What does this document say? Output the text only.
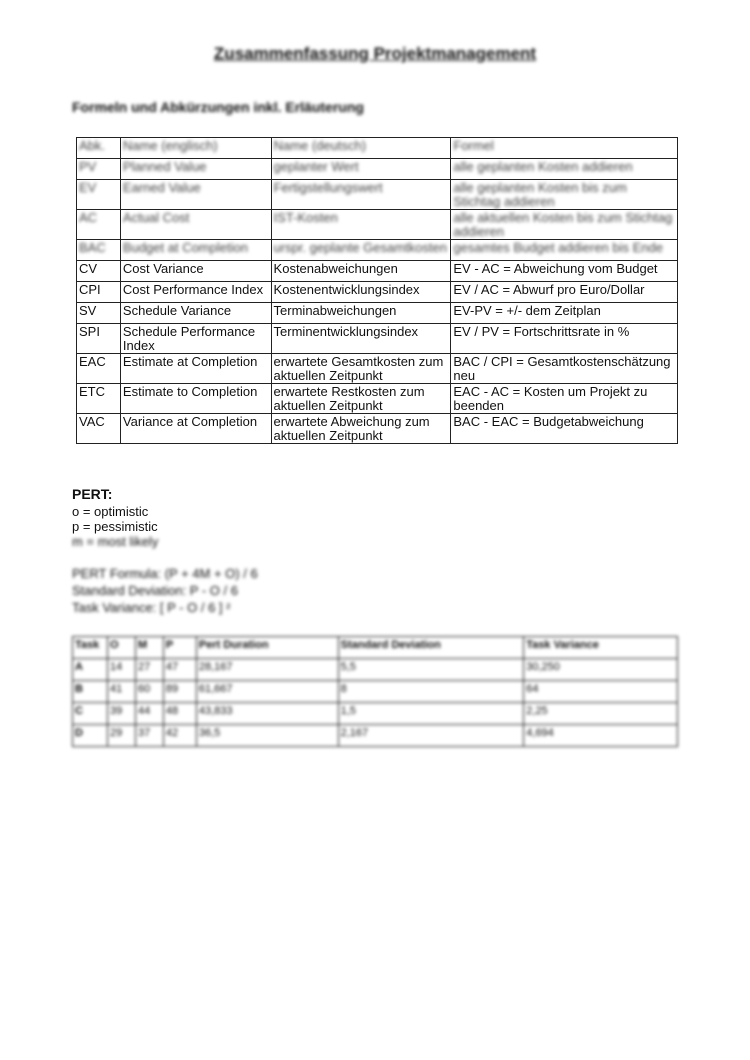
Zusammenfassung Projektmanagement
Formeln und Abkürzungen inkl. Erläuterung
Abk.	Name (englisch)	Name (deutsch)	Formel
PV	Planned Value	geplanter Wert	alle geplanten Kosten addieren
EV	Earned Value	Fertigstellungswert	alle geplanten Kosten bis zum Stichtag addieren
AC	Actual Cost	IST-Kosten	alle aktuellen Kosten bis zum Stichtag addieren
BAC	Budget at Completion	urspr. geplante Gesamtkosten	gesamtes Budget addieren bis Ende
CV	Cost Variance	Kostenabweichungen	EV - AC = Abweichung vom Budget
CPI	Cost Performance Index	Kostenentwicklungsindex	EV / AC = Abwurf pro Euro/Dollar
SV	Schedule Variance	Terminabweichungen	EV-PV = +/- dem Zeitplan
SPI	Schedule Performance Index	Terminentwicklungsindex	EV / PV = Fortschrittsrate in %
EAC	Estimate at Completion	erwartete Gesamtkosten zum aktuellen Zeitpunkt	BAC / CPI = Gesamtkostenschätzung neu
ETC	Estimate to Completion	erwartete Restkosten zum aktuellen Zeitpunkt	EAC - AC = Kosten um Projekt zu beenden
VAC	Variance at Completion	erwartete Abweichung zum aktuellen Zeitpunkt	BAC - EAC = Budgetabweichung
PERT:
o = optimistic
p = pessimistic
m = most likely
PERT Formula: (P + 4M + O) / 6
Standard Deviation: P - O / 6
Task Variance: [ P - O / 6 ] ²
Task	O	M	P	Pert Duration	Standard Deviation	Task Variance
A	14	27	47	28,167	5,5	30,250
B	41	60	89	61,667	8	64
C	39	44	48	43,833	1,5	2,25
D	29	37	42	36,5	2,167	4,694
